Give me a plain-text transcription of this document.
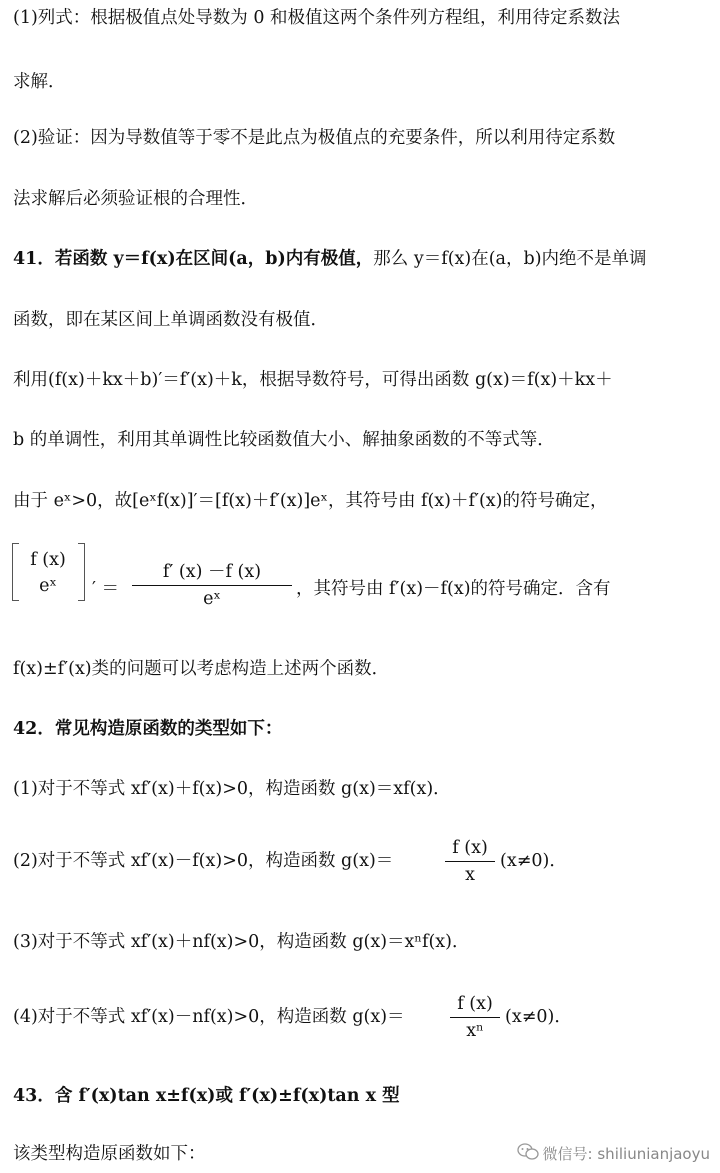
(1)列式：根据极值点处导数为 0 和极值这两个条件列方程组，利用待定系数法
求解．
(2)验证：因为导数值等于零不是此点为极值点的充要条件，所以利用待定系数
法求解后必须验证根的合理性．
41．若函数 y＝f(x)在区间(a，b)内有极值，那么 y＝f(x)在(a，b)内绝不是单调
函数，即在某区间上单调函数没有极值．
利用(f(x)＋kx＋b)′＝f′(x)＋k，根据导数符号，可得出函数 g(x)＝f(x)＋kx＋
b 的单调性，利用其单调性比较函数值大小、解抽象函数的不等式等．
由于 eˣ>0，故[eˣf(x)]′＝[f(x)＋f′(x)]eˣ，其符号由 f(x)＋f′(x)的符号确定，
f (x)
eˣ	′ ＝ $\frac{f' (x) -f (x)}{\text{eˣ}}$ ，其符号由 f′(x)－f(x)的符号确定．含有
f(x)±f′(x)类的问题可以考虑构造上述两个函数．
42．常见构造原函数的类型如下：
(1)对于不等式 xf′(x)＋f(x)>0，构造函数 g(x)＝xf(x)．
(2)对于不等式 xf′(x)－f(x)>0，构造函数 g(x)＝	$\frac{f (x)}{x} (x\ne 0)$．
(3)对于不等式 xf′(x)＋nf(x)>0，构造函数 g(x)＝xⁿf(x)．
(4)对于不等式 xf′(x)－nf(x)>0，构造函数 g(x)＝	$\frac{f (x)}{\text{xⁿ}} (x\ne 0)$．
43．含 f′(x)tan x±f(x)或 f′(x)±f(x)tan x 型
该类型构造原函数如下：	微信号: shiliunianjaoyu
